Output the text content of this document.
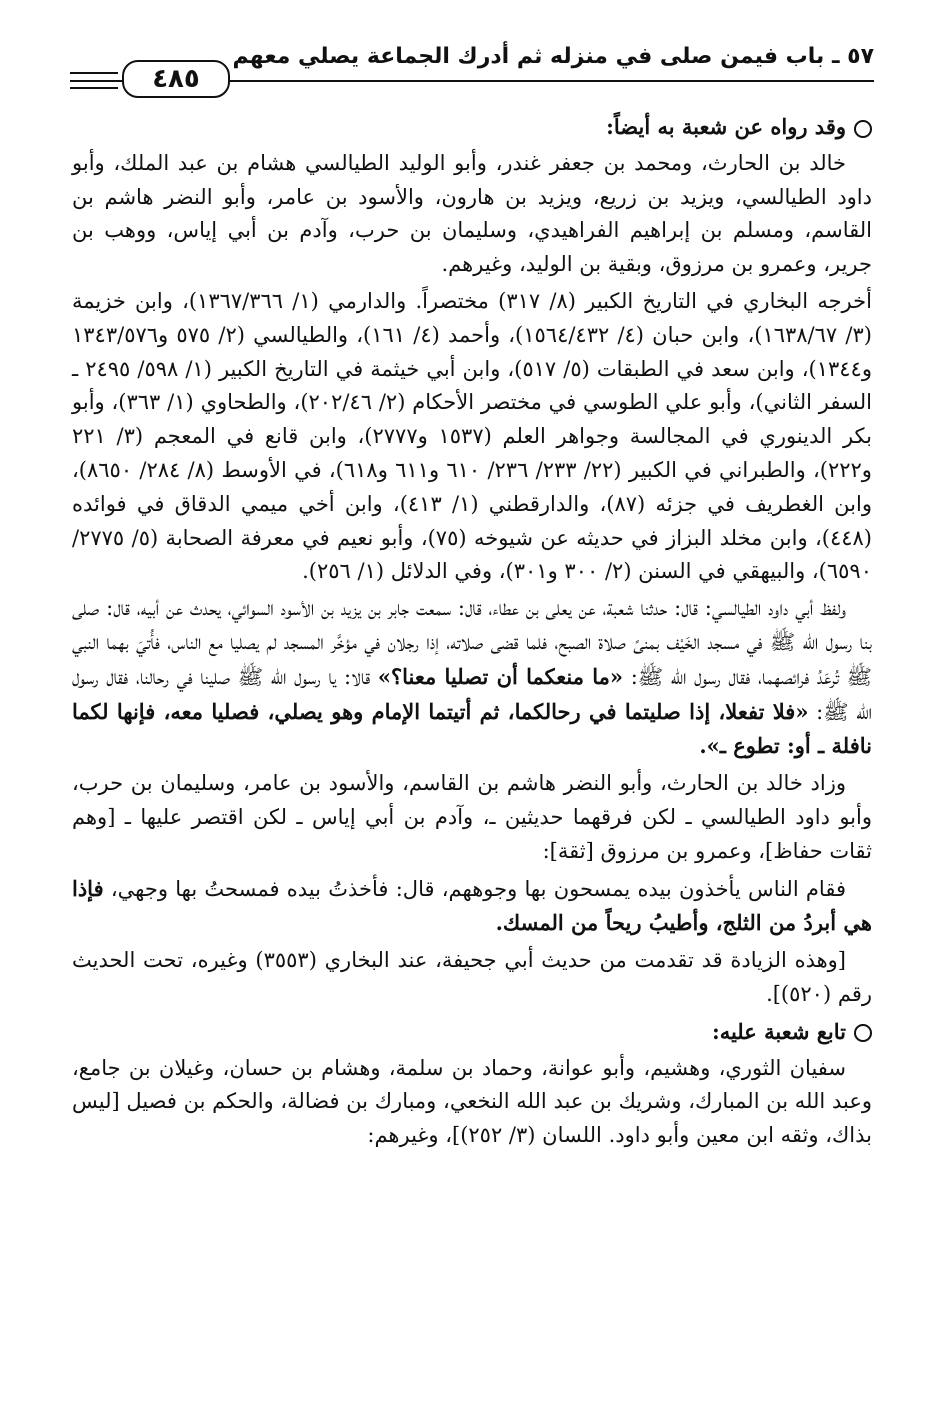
٥٧ ـ باب فيمن صلى في منزله ثم أدرك الجماعة يصلي معهم
٤٨٥

وقد رواه عن شعبة به أيضاً:

خالد بن الحارث، ومحمد بن جعفر غندر، وأبو الوليد الطيالسي هشام بن عبد الملك، وأبو داود الطيالسي، ويزيد بن زريع، ويزيد بن هارون، والأسود بن عامر، وأبو النضر هاشم بن القاسم، ومسلم بن إبراهيم الفراهيدي، وسليمان بن حرب، وآدم بن أبي إياس، ووهب بن جرير، وعمرو بن مرزوق، وبقية بن الوليد، وغيرهم.

أخرجه البخاري في التاريخ الكبير (٨/ ٣١٧) مختصراً. والدارمي (١/ ١٣٦٧/٣٦٦)، وابن خزيمة (٣/ ١٦٣٨/٦٧)، وابن حبان (٤/ ١٥٦٤/٤٣٢)، وأحمد (٤/ ١٦١)، والطيالسي (٢/ ٥٧٥ و١٣٤٣/٥٧٦ و١٣٤٤)، وابن سعد في الطبقات (٥/ ٥١٧)، وابن أبي خيثمة في التاريخ الكبير (١/ ٥٩٨/ ٢٤٩٥ ـ السفر الثاني)، وأبو علي الطوسي في مختصر الأحكام (٢/ ٢٠٢/٤٦)، والطحاوي (١/ ٣٦٣)، وأبو بكر الدينوري في المجالسة وجواهر العلم (١٥٣٧ و٢٧٧٧)، وابن قانع في المعجم (٣/ ٢٢١ و٢٢٢)، والطبراني في الكبير (٢٢/ ٢٣٣/ ٢٣٦/ ٦١٠ و٦١١ و٦١٨)، في الأوسط (٨/ ٢٨٤/ ٨٦٥٠)، وابن الغطريف في جزئه (٨٧)، والدارقطني (١/ ٤١٣)، وابن أخي ميمي الدقاق في فوائده (٤٤٨)، وابن مخلد البزاز في حديثه عن شيوخه (٧٥)، وأبو نعيم في معرفة الصحابة (٥/ ٢٧٧٥/ ٦٥٩٠)، والبيهقي في السنن (٢/ ٣٠٠ و٣٠١)، وفي الدلائل (١/ ٢٥٦).

ولفظ أبي داود الطيالسي: قال: حدثنا شعبة، عن يعلى بن عطاء، قال: سمعت جابر بن يزيد بن الأسود السوائي، يحدث عن أبيه، قال: صلى بنا رسول الله ﷺ في مسجد الخَيْف بمنىً صلاة الصبح، فلما قضى صلاته، إذا رجلان في مؤخَّر المسجد لم يصليا مع الناس، فأُتيَ بهما النبي ﷺ تُرعَدُ فرائصهما، فقال رسول الله ﷺ: «ما منعكما أن تصليا معنا؟» قالا: يا رسول الله ﷺ صلينا في رحالنا، فقال رسول الله ﷺ: «فلا تفعلا، إذا صليتما في رحالكما، ثم أتيتما الإمام وهو يصلي، فصليا معه، فإنها لكما نافلة ـ أو: تطوع ـ».

وزاد خالد بن الحارث، وأبو النضر هاشم بن القاسم، والأسود بن عامر، وسليمان بن حرب، وأبو داود الطيالسي ـ لكن فرقهما حديثين ـ، وآدم بن أبي إياس ـ لكن اقتصر عليها ـ [وهم ثقات حفاظ]، وعمرو بن مرزوق [ثقة]:

فقام الناس يأخذون بيده يمسحون بها وجوههم، قال: فأخذتُ بيده فمسحتُ بها وجهي، فإذا هي أبردُ من الثلج، وأطيبُ ريحاً من المسك.

[وهذه الزيادة قد تقدمت من حديث أبي جحيفة، عند البخاري (٣٥٥٣) وغيره، تحت الحديث رقم (٥٢٠)].

تابع شعبة عليه:

سفيان الثوري، وهشيم، وأبو عوانة، وحماد بن سلمة، وهشام بن حسان، وغيلان بن جامع، وعبد الله بن المبارك، وشريك بن عبد الله النخعي، ومبارك بن فضالة، والحكم بن فصيل [ليس بذاك، وثقه ابن معين وأبو داود. اللسان (٣/ ٢٥٢)]، وغيرهم:
